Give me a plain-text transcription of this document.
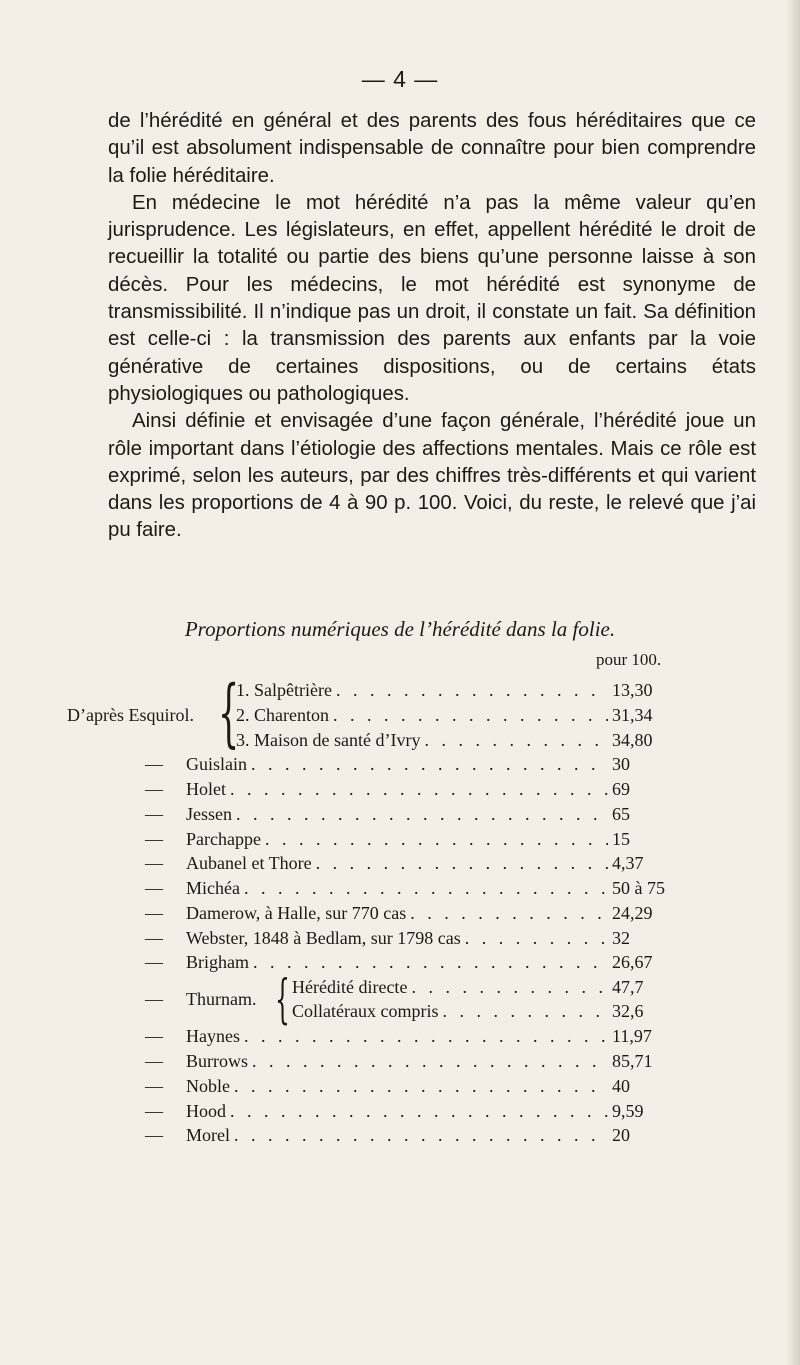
— 4 —

de l’hérédité en général et des parents des fous héréditaires que ce qu’il est absolument indispensable de connaître pour bien comprendre la folie héréditaire.

En médecine le mot hérédité n’a pas la même valeur qu’en jurisprudence. Les législateurs, en effet, appellent hérédité le droit de recueillir la totalité ou partie des biens qu’une personne laisse à son décès. Pour les médecins, le mot hérédité est synonyme de transmissibilité. Il n’indique pas un droit, il constate un fait. Sa définition est celle-ci : la transmission des parents aux enfants par la voie générative de certaines dispositions, ou de certains états physiologiques ou pathologiques.

Ainsi définie et envisagée d’une façon générale, l’hérédité joue un rôle important dans l’étiologie des affections mentales. Mais ce rôle est exprimé, selon les auteurs, par des chiffres très-différents et qui varient dans les proportions de 4 à 90 p. 100. Voici, du reste, le relevé que j’ai pu faire.

Proportions numériques de l’hérédité dans la folie.
pour 100.
D’après Esquirol. {
1. Salpêtrière . . .	13,30
2. Charenton . . .	31,34
3. Maison de santé d’Ivry . . .	34,80
— Guislain . . .	30
— Holet . . .	69
— Jessen . . .	65
— Parchappe . . .	15
— Aubanel et Thore . . .	4,37
— Michéa . . .	50 à 75
— Damerow, à Halle, sur 770 cas . . .	24,29
— Webster, 1848 à Bedlam, sur 1798 cas . . .	32
— Brigham . . .	26,67
— Thurnam. { Hérédité directe . . .	47,7
Collatéraux compris . . .	32,6
— Haynes . . .	11,97
— Burrows . . .	85,71
— Noble . . .	40
— Hood . . .	9,59
— Morel . . .	20
